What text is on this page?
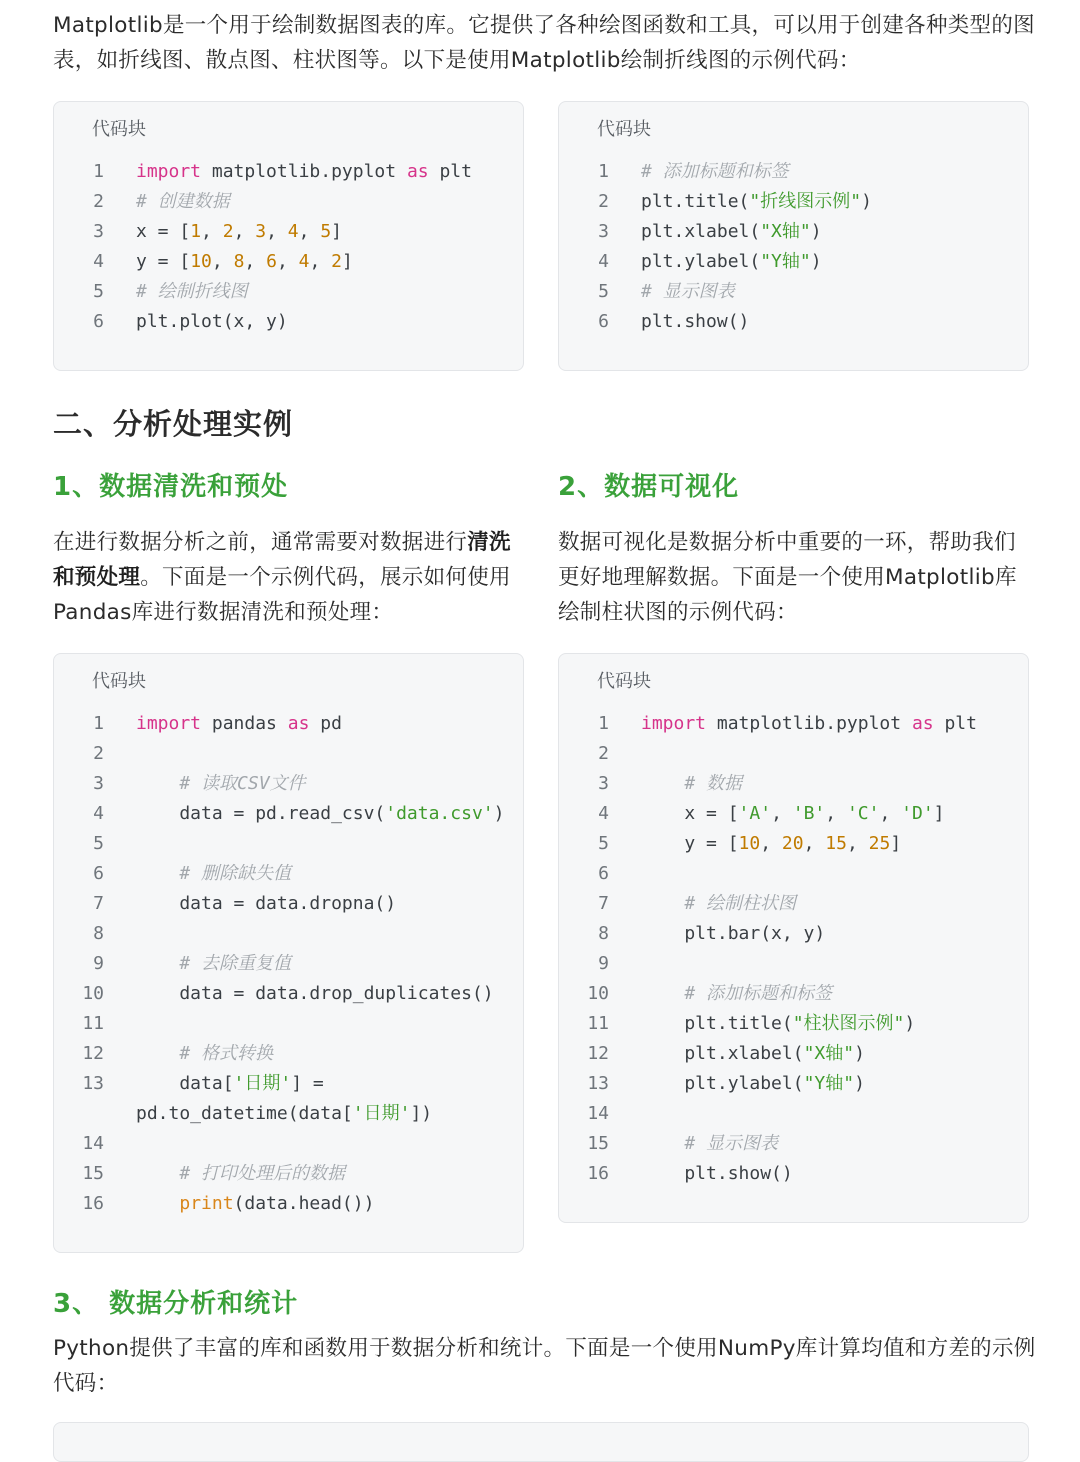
Matplotlib是一个用于绘制数据图表的库。它提供了各种绘图函数和工具，可以用于创建各种类型的图
表，如折线图、散点图、柱状图等。以下是使用Matplotlib绘制折线图的示例代码：

代码块
1 import matplotlib.pyplot as plt
2 # 创建数据
3 x = [1, 2, 3, 4, 5]
4 y = [10, 8, 6, 4, 2]
5 # 绘制折线图
6 plt.plot(x, y)
代码块
1 # 添加标题和标签
2 plt.title("折线图示例")
3 plt.xlabel("X轴")
4 plt.ylabel("Y轴")
5 # 显示图表
6 plt.show()
二、分析处理实例
1、数据清洗和预处	2、数据可视化

在进行数据分析之前，通常需要对数据进行清洗
和预处理。下面是一个示例代码，展示如何使用
Pandas库进行数据清洗和预处理：

数据可视化是数据分析中重要的一环，帮助我们
更好地理解数据。下面是一个使用Matplotlib库
绘制柱状图的示例代码：

代码块
1 import pandas as pd
2
3	# 读取CSV文件
4 data = pd.read_csv('data.csv')
5
6	# 删除缺失值
7 data = data.dropna()
8
9	# 去除重复值
10 data = data.drop_duplicates()
11
12	# 格式转换
13 data['日期'] =
pd.to_datetime(data['日期'])
14
15	# 打印处理后的数据
16	print(data.head())
代码块
1 import matplotlib.pyplot as plt
2
3	# 数据
4 x = ['A', 'B', 'C', 'D']
5 y = [10, 20, 15, 25]
6
7	# 绘制柱状图
8 plt.bar(x, y)
9
10	# 添加标题和标签
11 plt.title("柱状图示例")
12 plt.xlabel("X轴")
13 plt.ylabel("Y轴")
14
15	# 显示图表
16 plt.show()
3、 数据分析和统计

Python提供了丰富的库和函数用于数据分析和统计。下面是一个使用NumPy库计算均值和方差的示例
代码：
